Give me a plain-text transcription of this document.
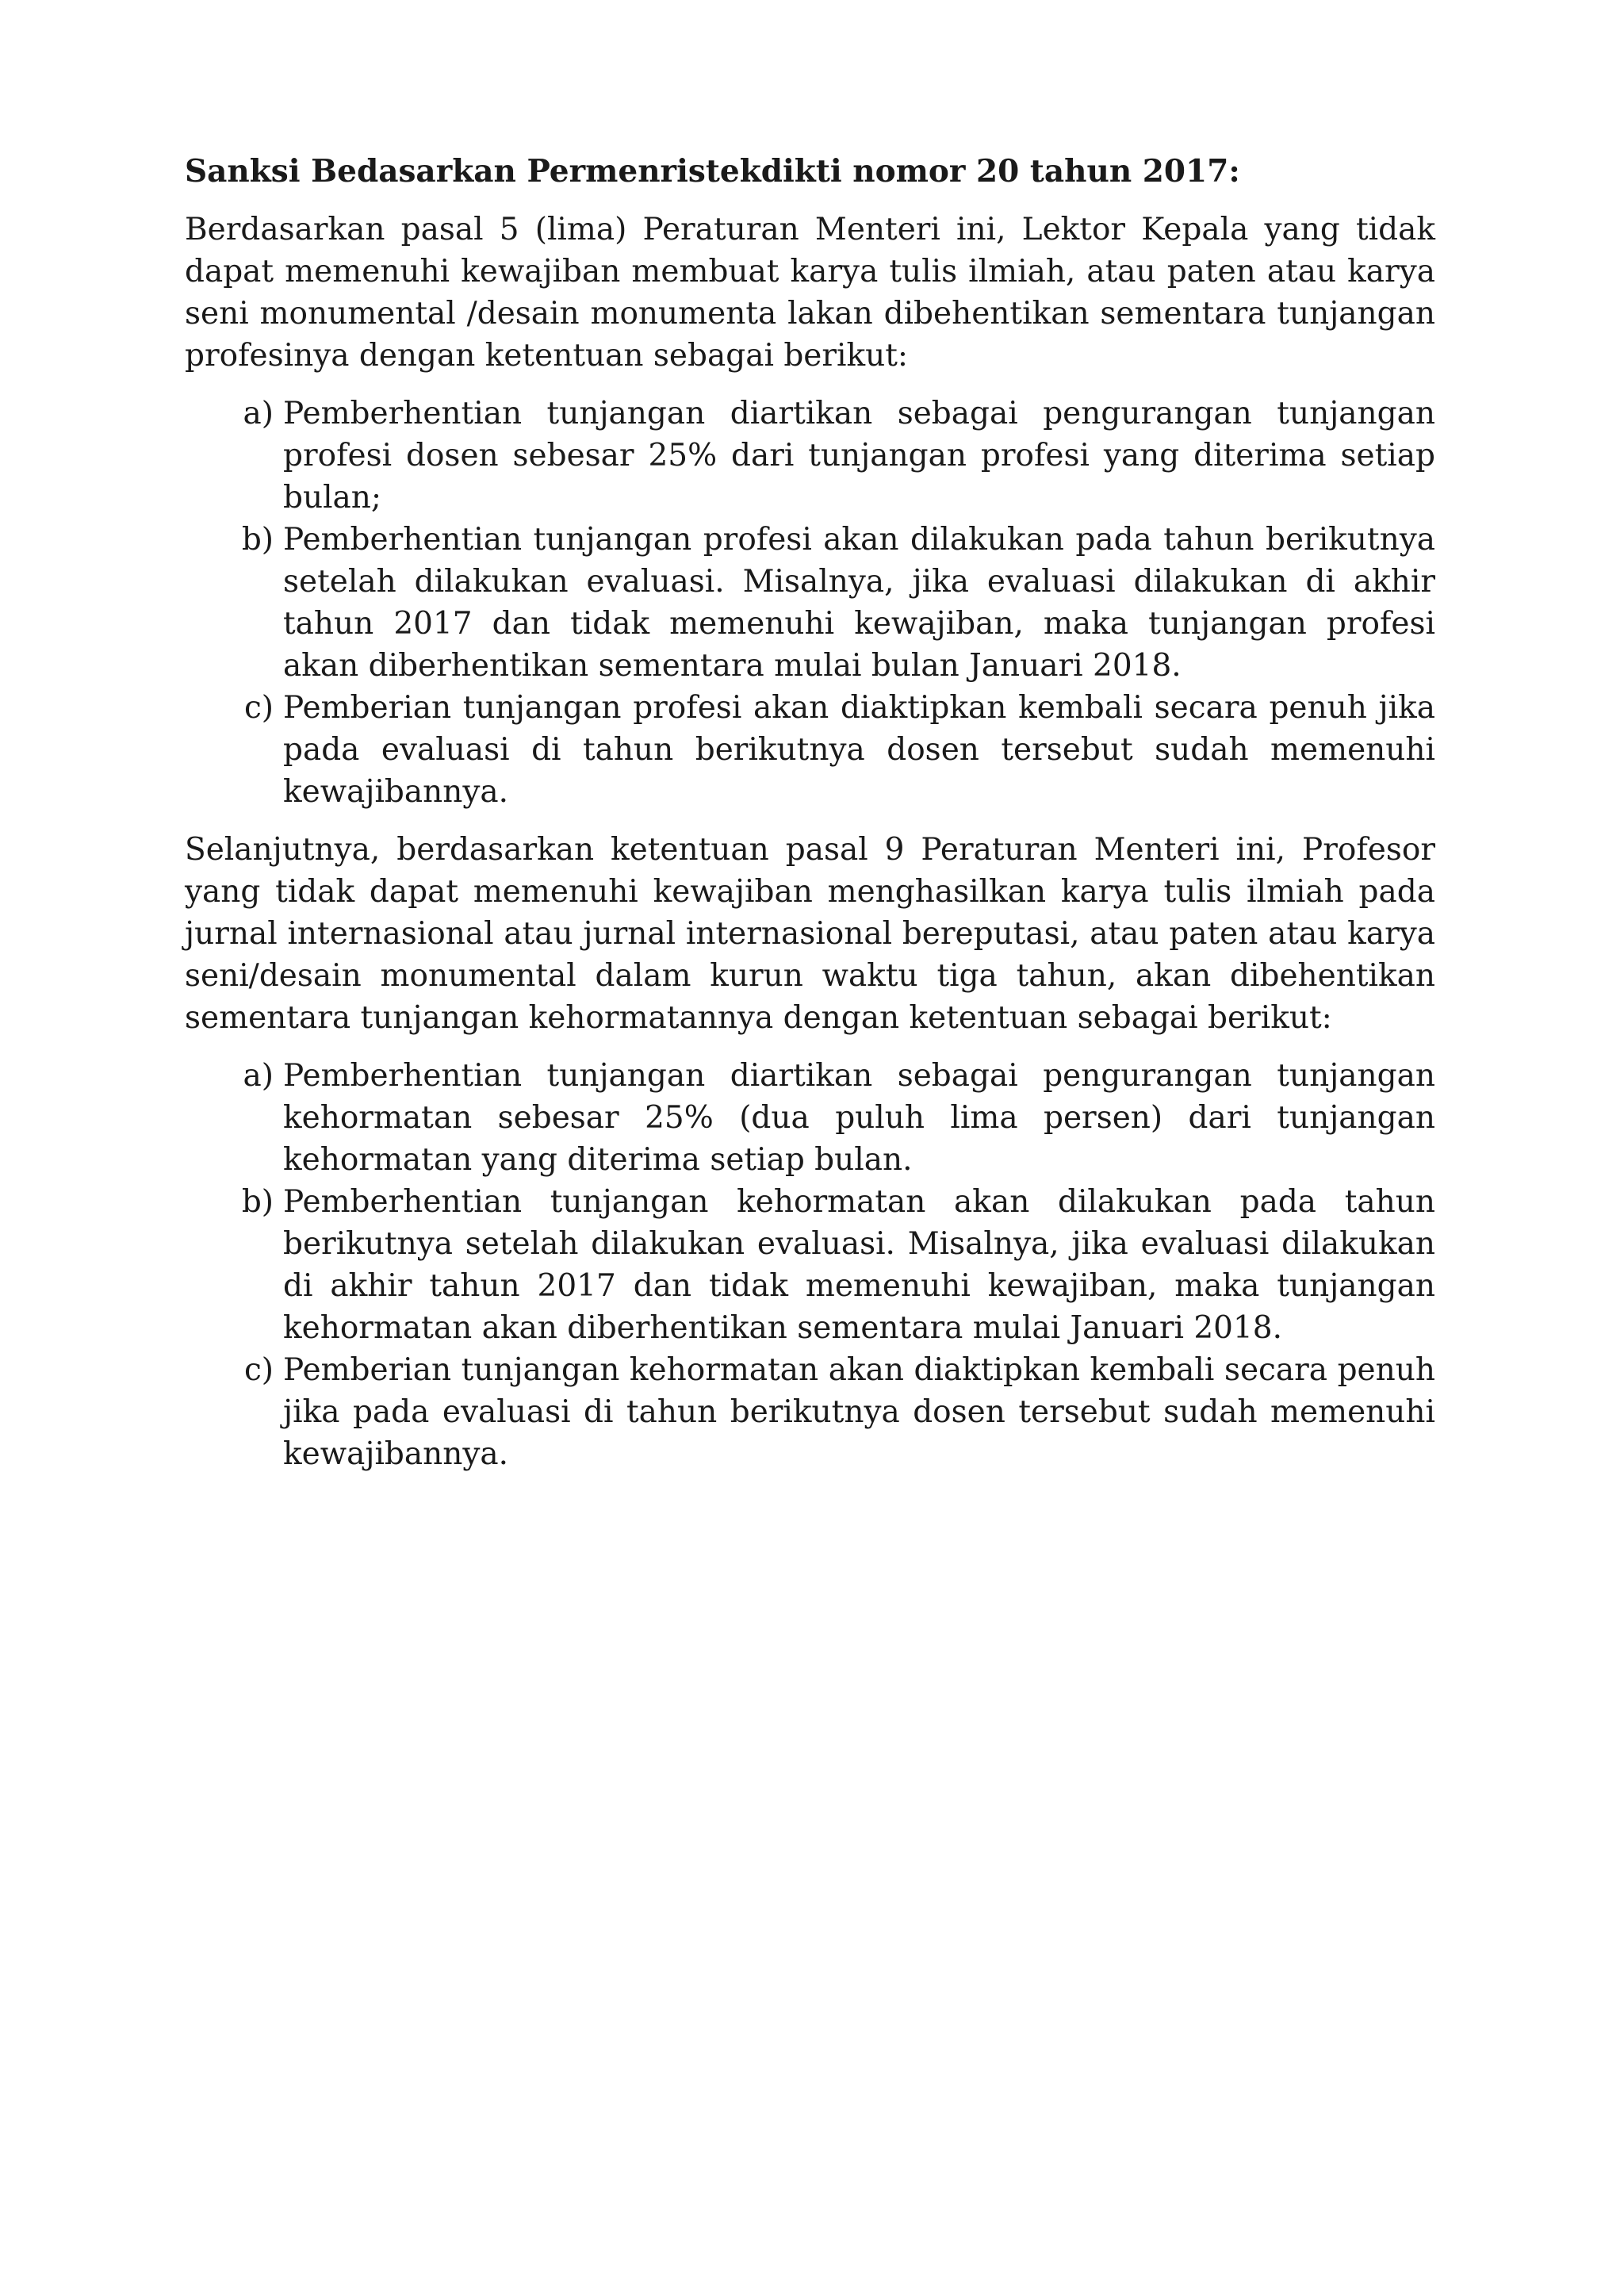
Sanksi Bedasarkan Permenristekdikti nomor 20 tahun 2017:
Berdasarkan pasal 5 (lima) Peraturan Menteri ini, Lektor Kepala yang tidak dapat memenuhi kewajiban membuat karya tulis ilmiah, atau paten atau karya seni monumental /desain monumenta lakan dibehentikan sementara tunjangan profesinya dengan ketentuan sebagai berikut:
a) Pemberhentian tunjangan diartikan sebagai pengurangan tunjangan profesi dosen sebesar 25% dari tunjangan profesi yang diterima setiap bulan;
b) Pemberhentian tunjangan profesi akan dilakukan pada tahun berikutnya setelah dilakukan evaluasi. Misalnya, jika evaluasi dilakukan di akhir tahun 2017 dan tidak memenuhi kewajiban, maka tunjangan profesi akan diberhentikan sementara mulai bulan Januari 2018.
c) Pemberian tunjangan profesi akan diaktipkan kembali secara penuh jika pada evaluasi di tahun berikutnya dosen tersebut sudah memenuhi kewajibannya.
Selanjutnya, berdasarkan ketentuan pasal 9 Peraturan Menteri ini, Profesor yang tidak dapat memenuhi kewajiban menghasilkan karya tulis ilmiah pada jurnal internasional atau jurnal internasional bereputasi, atau paten atau karya seni/desain monumental dalam kurun waktu tiga tahun, akan dibehentikan sementara tunjangan kehormatannya dengan ketentuan sebagai berikut:
a) Pemberhentian tunjangan diartikan sebagai pengurangan tunjangan kehormatan sebesar 25% (dua puluh lima persen) dari tunjangan kehormatan yang diterima setiap bulan.
b) Pemberhentian tunjangan kehormatan akan dilakukan pada tahun berikutnya setelah dilakukan evaluasi. Misalnya, jika evaluasi dilakukan di akhir tahun 2017 dan tidak memenuhi kewajiban, maka tunjangan kehormatan akan diberhentikan sementara mulai Januari 2018.
c) Pemberian tunjangan kehormatan akan diaktipkan kembali secara penuh jika pada evaluasi di tahun berikutnya dosen tersebut sudah memenuhi kewajibannya.
